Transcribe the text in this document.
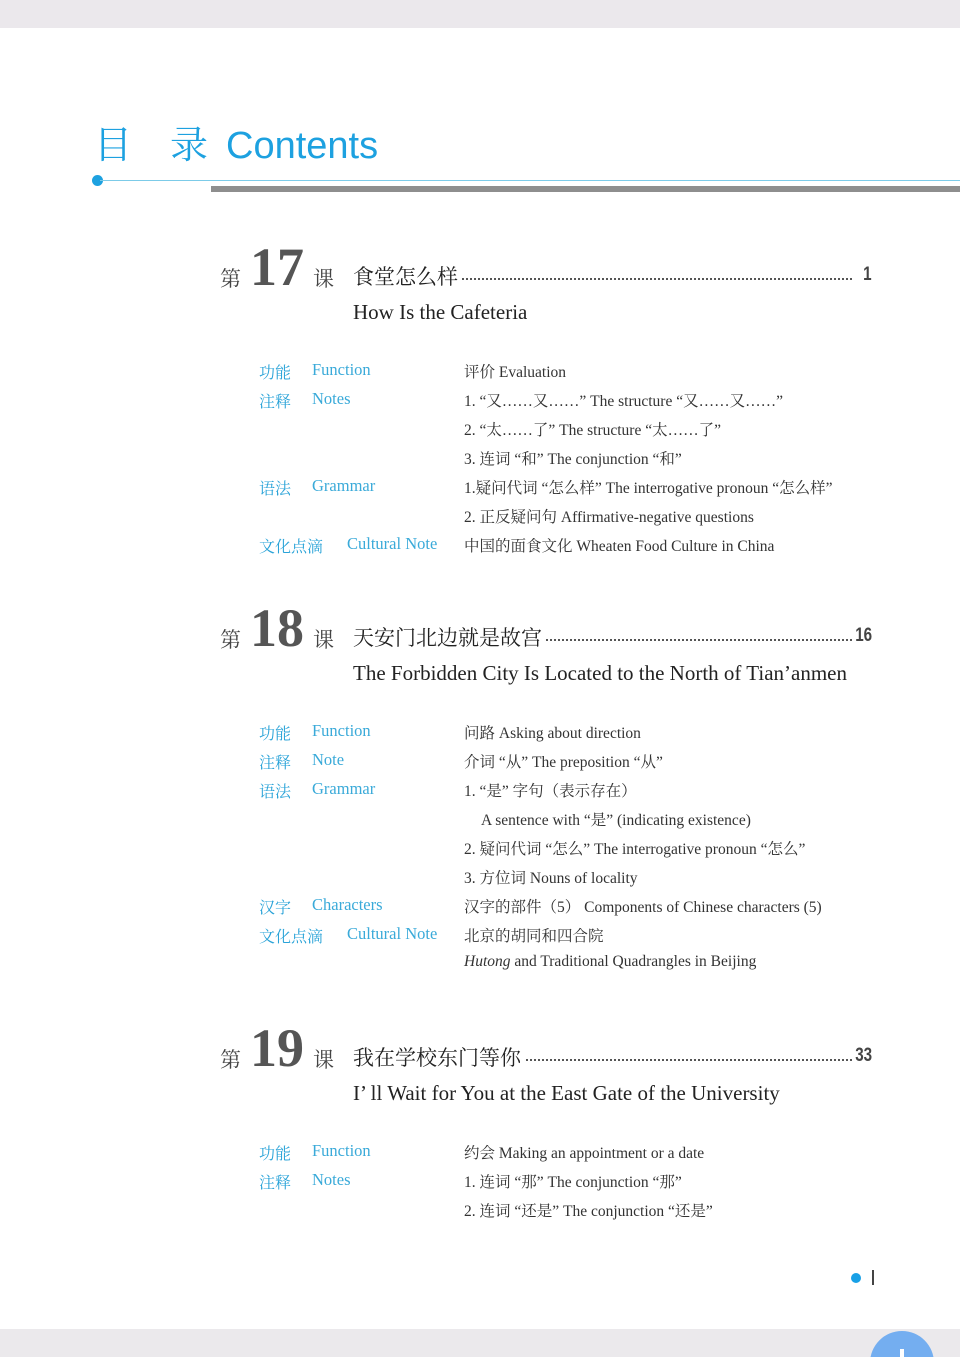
目 录 Contents
第 17 课 食堂怎么样	1
How Is the Cafeteria
功能 Function	评价 Evaluation
注释 Notes	1. “又……又……” The structure “又……又……”
2. “太……了” The structure “太……了”
3. 连词 “和” The conjunction “和”
语法 Grammar	1.疑问代词 “怎么样” The interrogative pronoun “怎么样”
2. 正反疑问句 Affirmative-negative questions
文化点滴 Cultural Note 中国的面食文化 Wheaten Food Culture in China
第 18 课 天安门北边就是故宫	16
The Forbidden City Is Located to the North of Tian’anmen
功能 Function	问路 Asking about direction
注释 Note	介词 “从” The preposition “从”
语法 Grammar	1. “是” 字句（表示存在）
A sentence with “是” (indicating existence)
2. 疑问代词 “怎么” The interrogative pronoun “怎么”
3. 方位词 Nouns of locality
汉字 Characters	汉字的部件（5） Components of Chinese characters (5)
文化点滴 Cultural Note 北京的胡同和四合院
Hutong and Traditional Quadrangles in Beijing
第 19 课 我在学校东门等你	33
I’ ll Wait for You at the East Gate of the University
功能 Function	约会 Making an appointment or a date
注释 Notes	1. 连词 “那” The conjunction “那”
2. 连词 “还是” The conjunction “还是”
